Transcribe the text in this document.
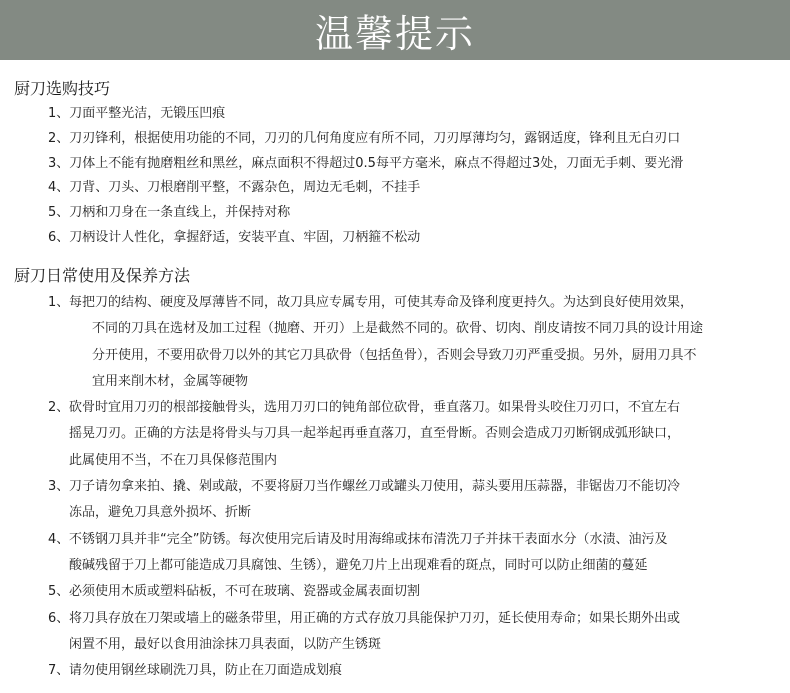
温馨提示
厨刀选购技巧
1、刀面平整光洁，无锻压凹痕
2、刀刃锋利，根据使用功能的不同，刀刃的几何角度应有所不同，刀刃厚薄均匀，露钢适度，锋利且无白刃口
3、刀体上不能有抛磨粗丝和黑丝，麻点面积不得超过0.5每平方毫米，麻点不得超过3处，刀面无手刺、要光滑
4、刀背、刀头、刀根磨削平整，不露杂色，周边无毛刺，不挂手
5、刀柄和刀身在一条直线上，并保持对称
6、刀柄设计人性化，拿握舒适，安装平直、牢固，刀柄箍不松动
厨刀日常使用及保养方法
1、 每把刀的结构、硬度及厚薄皆不同，故刀具应专属专用，可使其寿命及锋利度更持久。为达到良好使用效果，
不同的刀具在选材及加工过程（抛磨、开刃）上是截然不同的。砍骨、切肉、削皮请按不同刀具的设计用途
分开使用，不要用砍骨刀以外的其它刀具砍骨（包括鱼骨），否则会导致刀刃严重受损。另外，厨用刀具不
宜用来削木材，金属等硬物
2、 砍骨时宜用刀刃的根部接触骨头，选用刀刃口的钝角部位砍骨，垂直落刀。如果骨头咬住刀刃口，不宜左右
摇晃刀刃。正确的方法是将骨头与刀具一起举起再垂直落刀，直至骨断。否则会造成刀刃断钢成弧形缺口，
此属使用不当，不在刀具保修范围内
3、 刀子请勿拿来拍、撬、剁或敲，不要将厨刀当作螺丝刀或罐头刀使用，蒜头要用压蒜器，非锯齿刀不能切冷
冻品，避免刀具意外损坏、折断
4、 不锈钢刀具并非“完全”防锈。每次使用完后请及时用海绵或抹布清洗刀子并抹干表面水分（水渍、油污及
酸碱残留于刀上都可能造成刀具腐蚀、生锈），避免刀片上出现难看的斑点，同时可以防止细菌的蔓延
5、 必须使用木质或塑料砧板，不可在玻璃、瓷器或金属表面切割
6、 将刀具存放在刀架或墙上的磁条带里，用正确的方式存放刀具能保护刀刃，延长使用寿命；如果长期外出或
闲置不用，最好以食用油涂抹刀具表面，以防产生锈斑
7、 请勿使用钢丝球刷洗刀具，防止在刀面造成划痕
